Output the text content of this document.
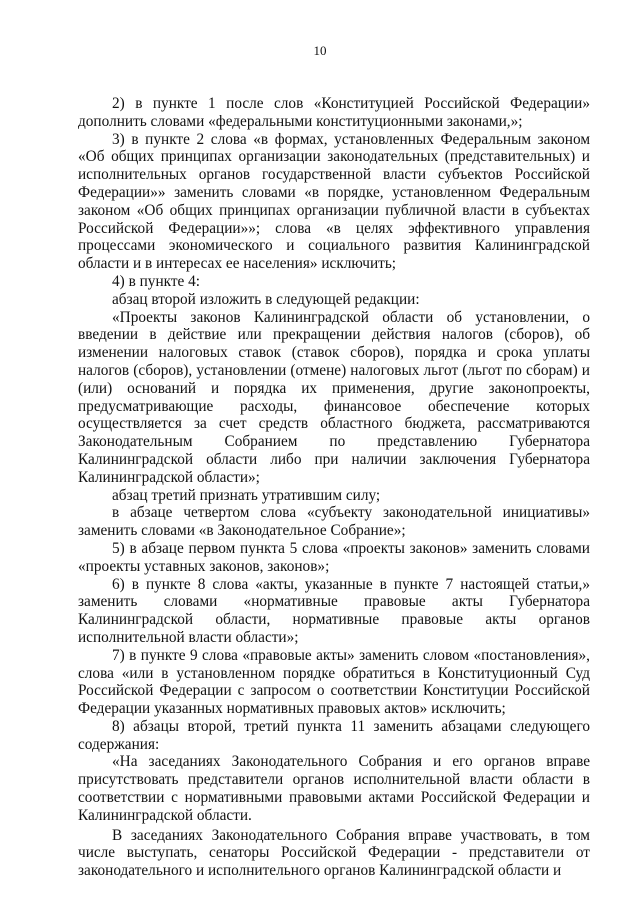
10

2) в пункте 1 после слов «Конституцией Российской Федерации» дополнить словами «федеральными конституционными законами,»;

3) в пункте 2 слова «в формах, установленных Федеральным законом «Об общих принципах организации законодательных (представительных) и исполнительных органов государственной власти субъектов Российской Федерации»» заменить словами «в порядке, установленном Федеральным законом «Об общих принципах организации публичной власти в субъектах Российской Федерации»»; слова «в целях эффективного управления процессами экономического и социального развития Калининградской области и в интересах ее населения» исключить;

4) в пункте 4:

абзац второй изложить в следующей редакции:

«Проекты законов Калининградской области об установлении, о введении в действие или прекращении действия налогов (сборов), об изменении налоговых ставок (ставок сборов), порядка и срока уплаты налогов (сборов), установлении (отмене) налоговых льгот (льгот по сборам) и (или) оснований и порядка их применения, другие законопроекты, предусматривающие расходы, финансовое обеспечение которых осуществляется за счет средств областного бюджета, рассматриваются Законодательным Собранием по представлению Губернатора Калининградской области либо при наличии заключения Губернатора Калининградской области»;

абзац третий признать утратившим силу;

в абзаце четвертом слова «субъекту законодательной инициативы» заменить словами «в Законодательное Собрание»;

5) в абзаце первом пункта 5 слова «проекты законов» заменить словами «проекты уставных законов, законов»;

6) в пункте 8 слова «акты, указанные в пункте 7 настоящей статьи,» заменить словами «нормативные правовые акты Губернатора Калининградской области, нормативные правовые акты органов исполнительной власти области»;

7) в пункте 9 слова «правовые акты» заменить словом «постановления», слова «или в установленном порядке обратиться в Конституционный Суд Российской Федерации с запросом о соответствии Конституции Российской Федерации указанных нормативных правовых актов» исключить;

8) абзацы второй, третий пункта 11 заменить абзацами следующего содержания:

«На заседаниях Законодательного Собрания и его органов вправе присутствовать представители органов исполнительной власти области в соответствии с нормативными правовыми актами Российской Федерации и Калининградской области.

В заседаниях Законодательного Собрания вправе участвовать, в том числе выступать, сенаторы Российской Федерации - представители от законодательного и исполнительного органов Калининградской области и
